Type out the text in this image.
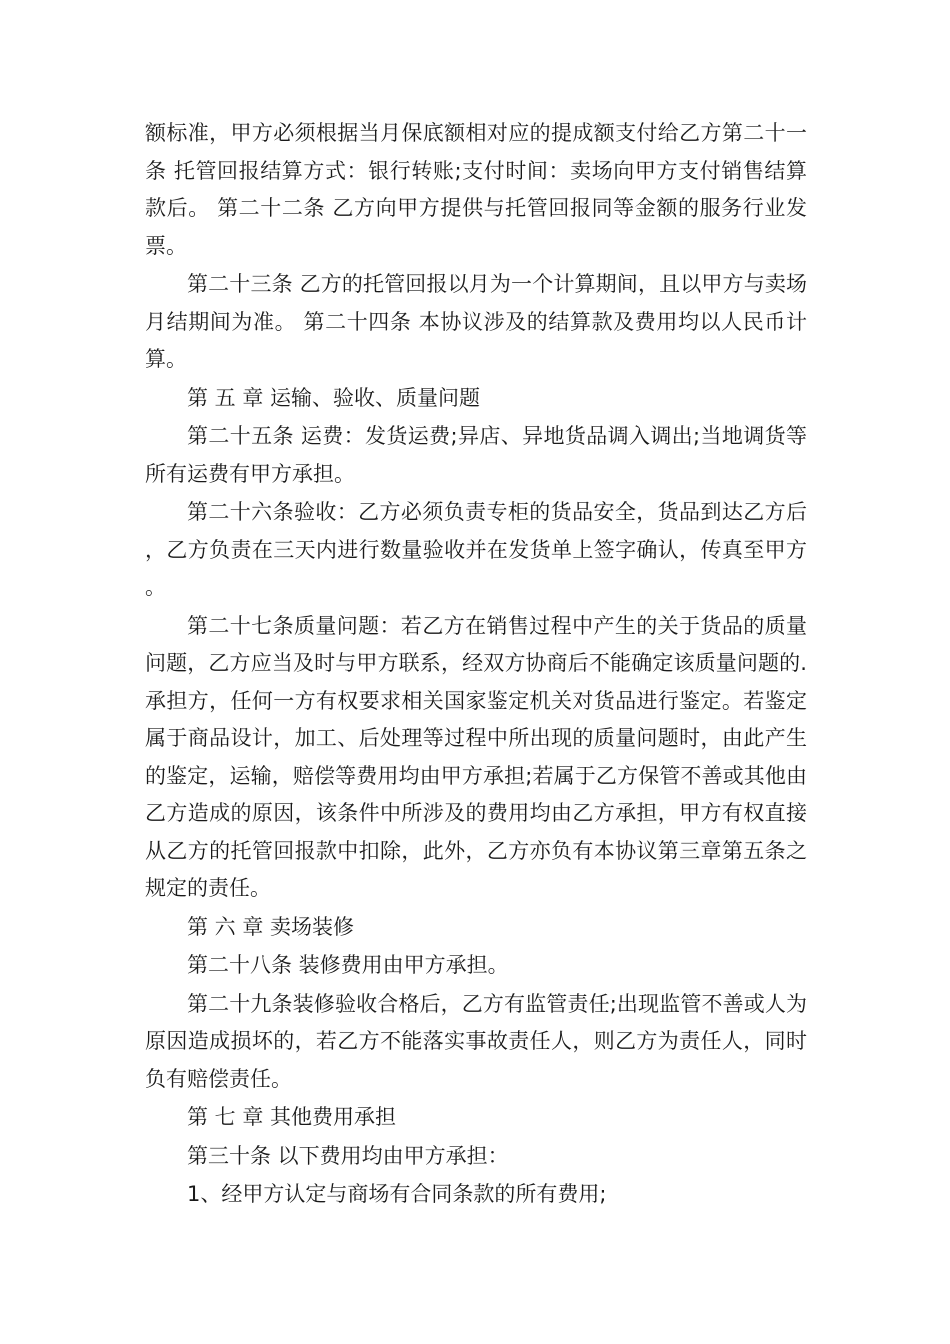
额标准，甲方必须根据当月保底额相对应的提成额支付给乙方第二十一条 托管回报结算方式：银行转账;支付时间：卖场向甲方支付销售结算款后。 第二十二条 乙方向甲方提供与托管回报同等金额的服务行业发票。

第二十三条 乙方的托管回报以月为一个计算期间，且以甲方与卖场月结期间为准。 第二十四条 本协议涉及的结算款及费用均以人民币计算。

第 五 章 运输、验收、质量问题

第二十五条 运费：发货运费;异店、异地货品调入调出;当地调货等所有运费有甲方承担。

第二十六条验收：乙方必须负责专柜的货品安全，货品到达乙方后，乙方负责在三天内进行数量验收并在发货单上签字确认，传真至甲方。

第二十七条质量问题：若乙方在销售过程中产生的关于货品的质量问题，乙方应当及时与甲方联系，经双方协商后不能确定该质量问题的.承担方，任何一方有权要求相关国家鉴定机关对货品进行鉴定。若鉴定属于商品设计，加工、后处理等过程中所出现的质量问题时，由此产生的鉴定，运输，赔偿等费用均由甲方承担;若属于乙方保管不善或其他由乙方造成的原因，该条件中所涉及的费用均由乙方承担，甲方有权直接从乙方的托管回报款中扣除，此外，乙方亦负有本协议第三章第五条之规定的责任。

第 六 章 卖场装修

第二十八条 装修费用由甲方承担。

第二十九条装修验收合格后，乙方有监管责任;出现监管不善或人为原因造成损坏的，若乙方不能落实事故责任人，则乙方为责任人，同时负有赔偿责任。

第 七 章 其他费用承担

第三十条 以下费用均由甲方承担：

1、经甲方认定与商场有合同条款的所有费用;
